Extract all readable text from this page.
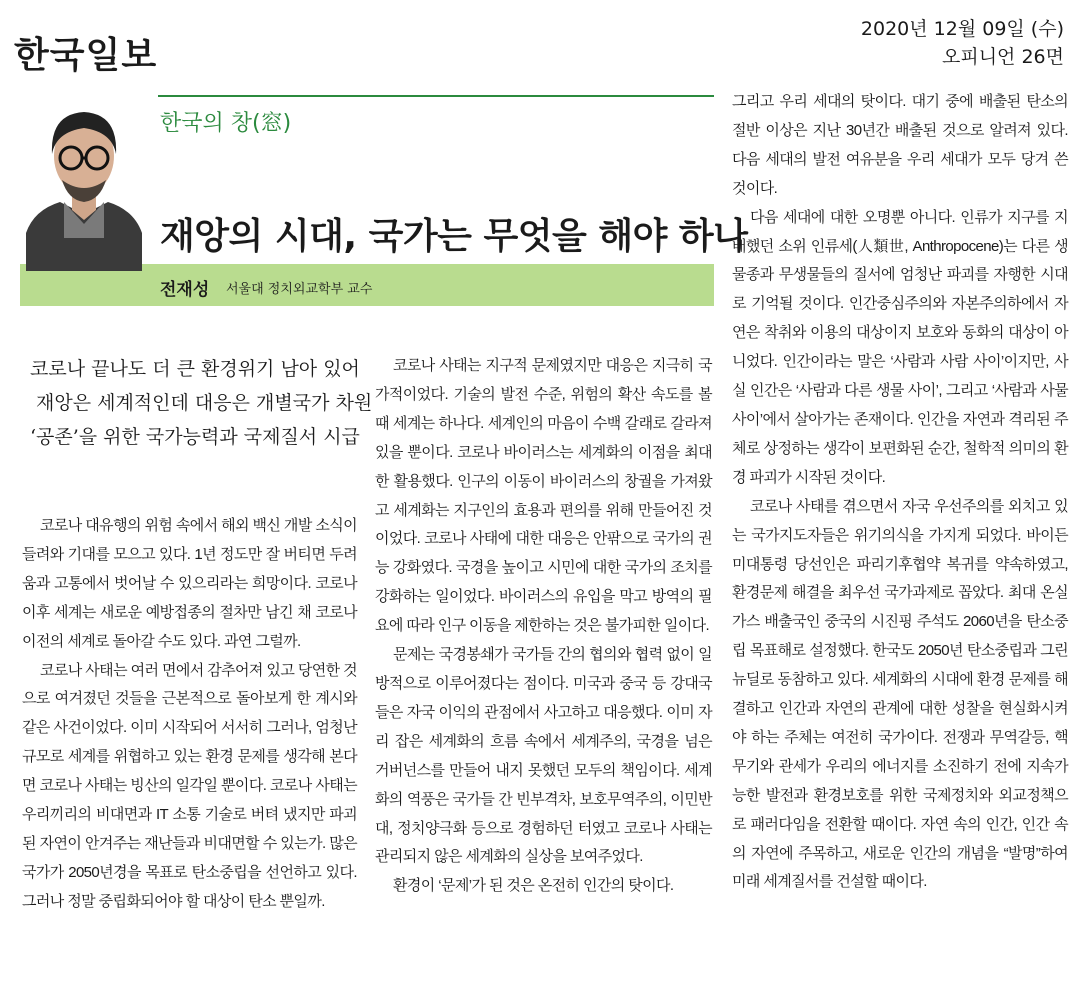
한국일보
2020년 12월 09일 (수)
오피니언 26면
한국의 창(窓)
재앙의 시대, 국가는 무엇을 해야 하나
전재성 서울대 정치외교학부 교수
코로나 끝나도 더 큰 환경위기 남아 있어
재앙은 세계적인데 대응은 개별국가 차원
‘공존’을 위한 국가능력과 국제질서 시급

코로나 대유행의 위험 속에서 해외 백신 개발 소식이 들려와 기대를 모으고 있다. 1년 정도만 잘 버티면 두려움과 고통에서 벗어날 수 있으리라는 희망이다. 코로나 이후 세계는 새로운 예방접종의 절차만 남긴 채 코로나 이전의 세계로 돌아갈 수도 있다. 과연 그럴까.

코로나 사태는 여러 면에서 감추어져 있고 당연한 것으로 여겨졌던 것들을 근본적으로 돌아보게 한 계시와 같은 사건이었다. 이미 시작되어 서서히 그러나, 엄청난 규모로 세계를 위협하고 있는 환경 문제를 생각해 본다면 코로나 사태는 빙산의 일각일 뿐이다. 코로나 사태는 우리끼리의 비대면과 IT 소통 기술로 버텨 냈지만 파괴된 자연이 안겨주는 재난들과 비대면할 수 있는가. 많은 국가가 2050년경을 목표로 탄소중립을 선언하고 있다. 그러나 정말 중립화되어야 할 대상이 탄소 뿐일까.

코로나 사태는 지구적 문제였지만 대응은 지극히 국가적이었다. 기술의 발전 수준, 위험의 확산 속도를 볼 때 세계는 하나다. 세계인의 마음이 수백 갈래로 갈라져 있을 뿐이다. 코로나 바이러스는 세계화의 이점을 최대한 활용했다. 인구의 이동이 바이러스의 창궐을 가져왔고 세계화는 지구인의 효용과 편의를 위해 만들어진 것이었다. 코로나 사태에 대한 대응은 안팎으로 국가의 권능 강화였다. 국경을 높이고 시민에 대한 국가의 조치를 강화하는 일이었다. 바이러스의 유입을 막고 방역의 필요에 따라 인구 이동을 제한하는 것은 불가피한 일이다.

문제는 국경봉쇄가 국가들 간의 협의와 협력 없이 일방적으로 이루어졌다는 점이다. 미국과 중국 등 강대국들은 자국 이익의 관점에서 사고하고 대응했다. 이미 자리 잡은 세계화의 흐름 속에서 세계주의, 국경을 넘은 거버넌스를 만들어 내지 못했던 모두의 책임이다. 세계화의 역풍은 국가들 간 빈부격차, 보호무역주의, 이민반대, 정치양극화 등으로 경험하던 터였고 코로나 사태는 관리되지 않은 세계화의 실상을 보여주었다.

환경이 ‘문제’가 된 것은 온전히 인간의 탓이다.

그리고 우리 세대의 탓이다. 대기 중에 배출된 탄소의 절반 이상은 지난 30년간 배출된 것으로 알려져 있다. 다음 세대의 발전 여유분을 우리 세대가 모두 당겨 쓴 것이다.

다음 세대에 대한 오명뿐 아니다. 인류가 지구를 지배했던 소위 인류세(人類世, Anthropocene)는 다른 생물종과 무생물들의 질서에 엄청난 파괴를 자행한 시대로 기억될 것이다. 인간중심주의와 자본주의하에서 자연은 착취와 이용의 대상이지 보호와 동화의 대상이 아니었다. 인간이라는 말은 ‘사람과 사람 사이’이지만, 사실 인간은 ‘사람과 다른 생물 사이’, 그리고 ‘사람과 사물 사이’에서 살아가는 존재이다. 인간을 자연과 격리된 주체로 상정하는 생각이 보편화된 순간, 철학적 의미의 환경 파괴가 시작된 것이다.

코로나 사태를 겪으면서 자국 우선주의를 외치고 있는 국가지도자들은 위기의식을 가지게 되었다. 바이든 미대통령 당선인은 파리기후협약 복귀를 약속하였고, 환경문제 해결을 최우선 국가과제로 꼽았다. 최대 온실가스 배출국인 중국의 시진핑 주석도 2060년을 탄소중립 목표해로 설정했다. 한국도 2050년 탄소중립과 그린 뉴딜로 동참하고 있다. 세계화의 시대에 환경 문제를 해결하고 인간과 자연의 관계에 대한 성찰을 현실화시켜야 하는 주체는 여전히 국가이다. 전쟁과 무역갈등, 핵무기와 관세가 우리의 에너지를 소진하기 전에 지속가능한 발전과 환경보호를 위한 국제정치와 외교정책으로 패러다임을 전환할 때이다. 자연 속의 인간, 인간 속의 자연에 주목하고, 새로운 인간의 개념을 “발명”하여 미래 세계질서를 건설할 때이다.
